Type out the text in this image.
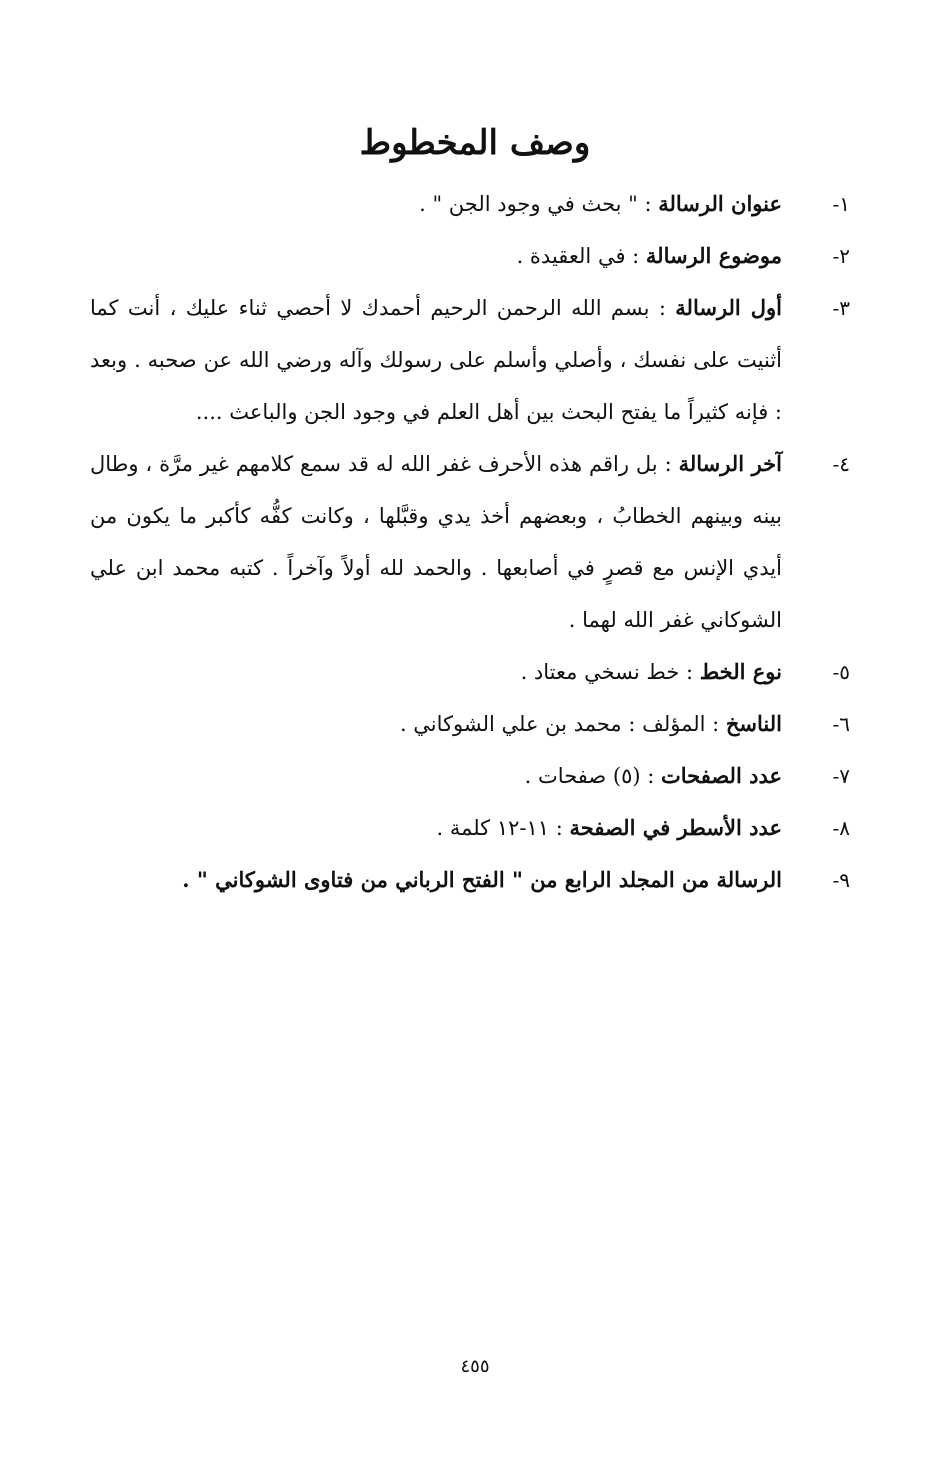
وصف المخطوط
١-
عنوان الرسالة : " بحث في وجود الجن " .
٢-
موضوع الرسالة : في العقيدة .
٣-
أول الرسالة : بسم الله الرحمن الرحيم أحمدك لا أحصي ثناء عليك ، أنت كما أثنيت على نفسك ، وأصلي وأسلم على رسولك وآله ورضي الله عن صحبه . وبعد : فإنه كثيراً ما يفتح البحث بين أهل العلم في وجود الجن والباعث ....
٤-
آخر الرسالة : بل راقم هذه الأحرف غفر الله له قد سمع كلامهم غير مرَّة ، وطال بينه وبينهم الخطابُ ، وبعضهم أخذ يدي وقبَّلها ، وكانت كفُّه كأكبر ما يكون من أيدي الإنس مع قصرٍ في أصابعها . والحمد لله أولاً وآخراً . كتبه محمد ابن علي الشوكاني غفر الله لهما .
٥-
نوع الخط : خط نسخي معتاد .
٦-
الناسخ : المؤلف : محمد بن علي الشوكاني .
٧-
عدد الصفحات : (٥) صفحات .
٨-
عدد الأسطر في الصفحة : ١١-١٢ كلمة .
٩-
الرسالة من المجلد الرابع من " الفتح الرباني من فتاوى الشوكاني " .
٤٥٥
